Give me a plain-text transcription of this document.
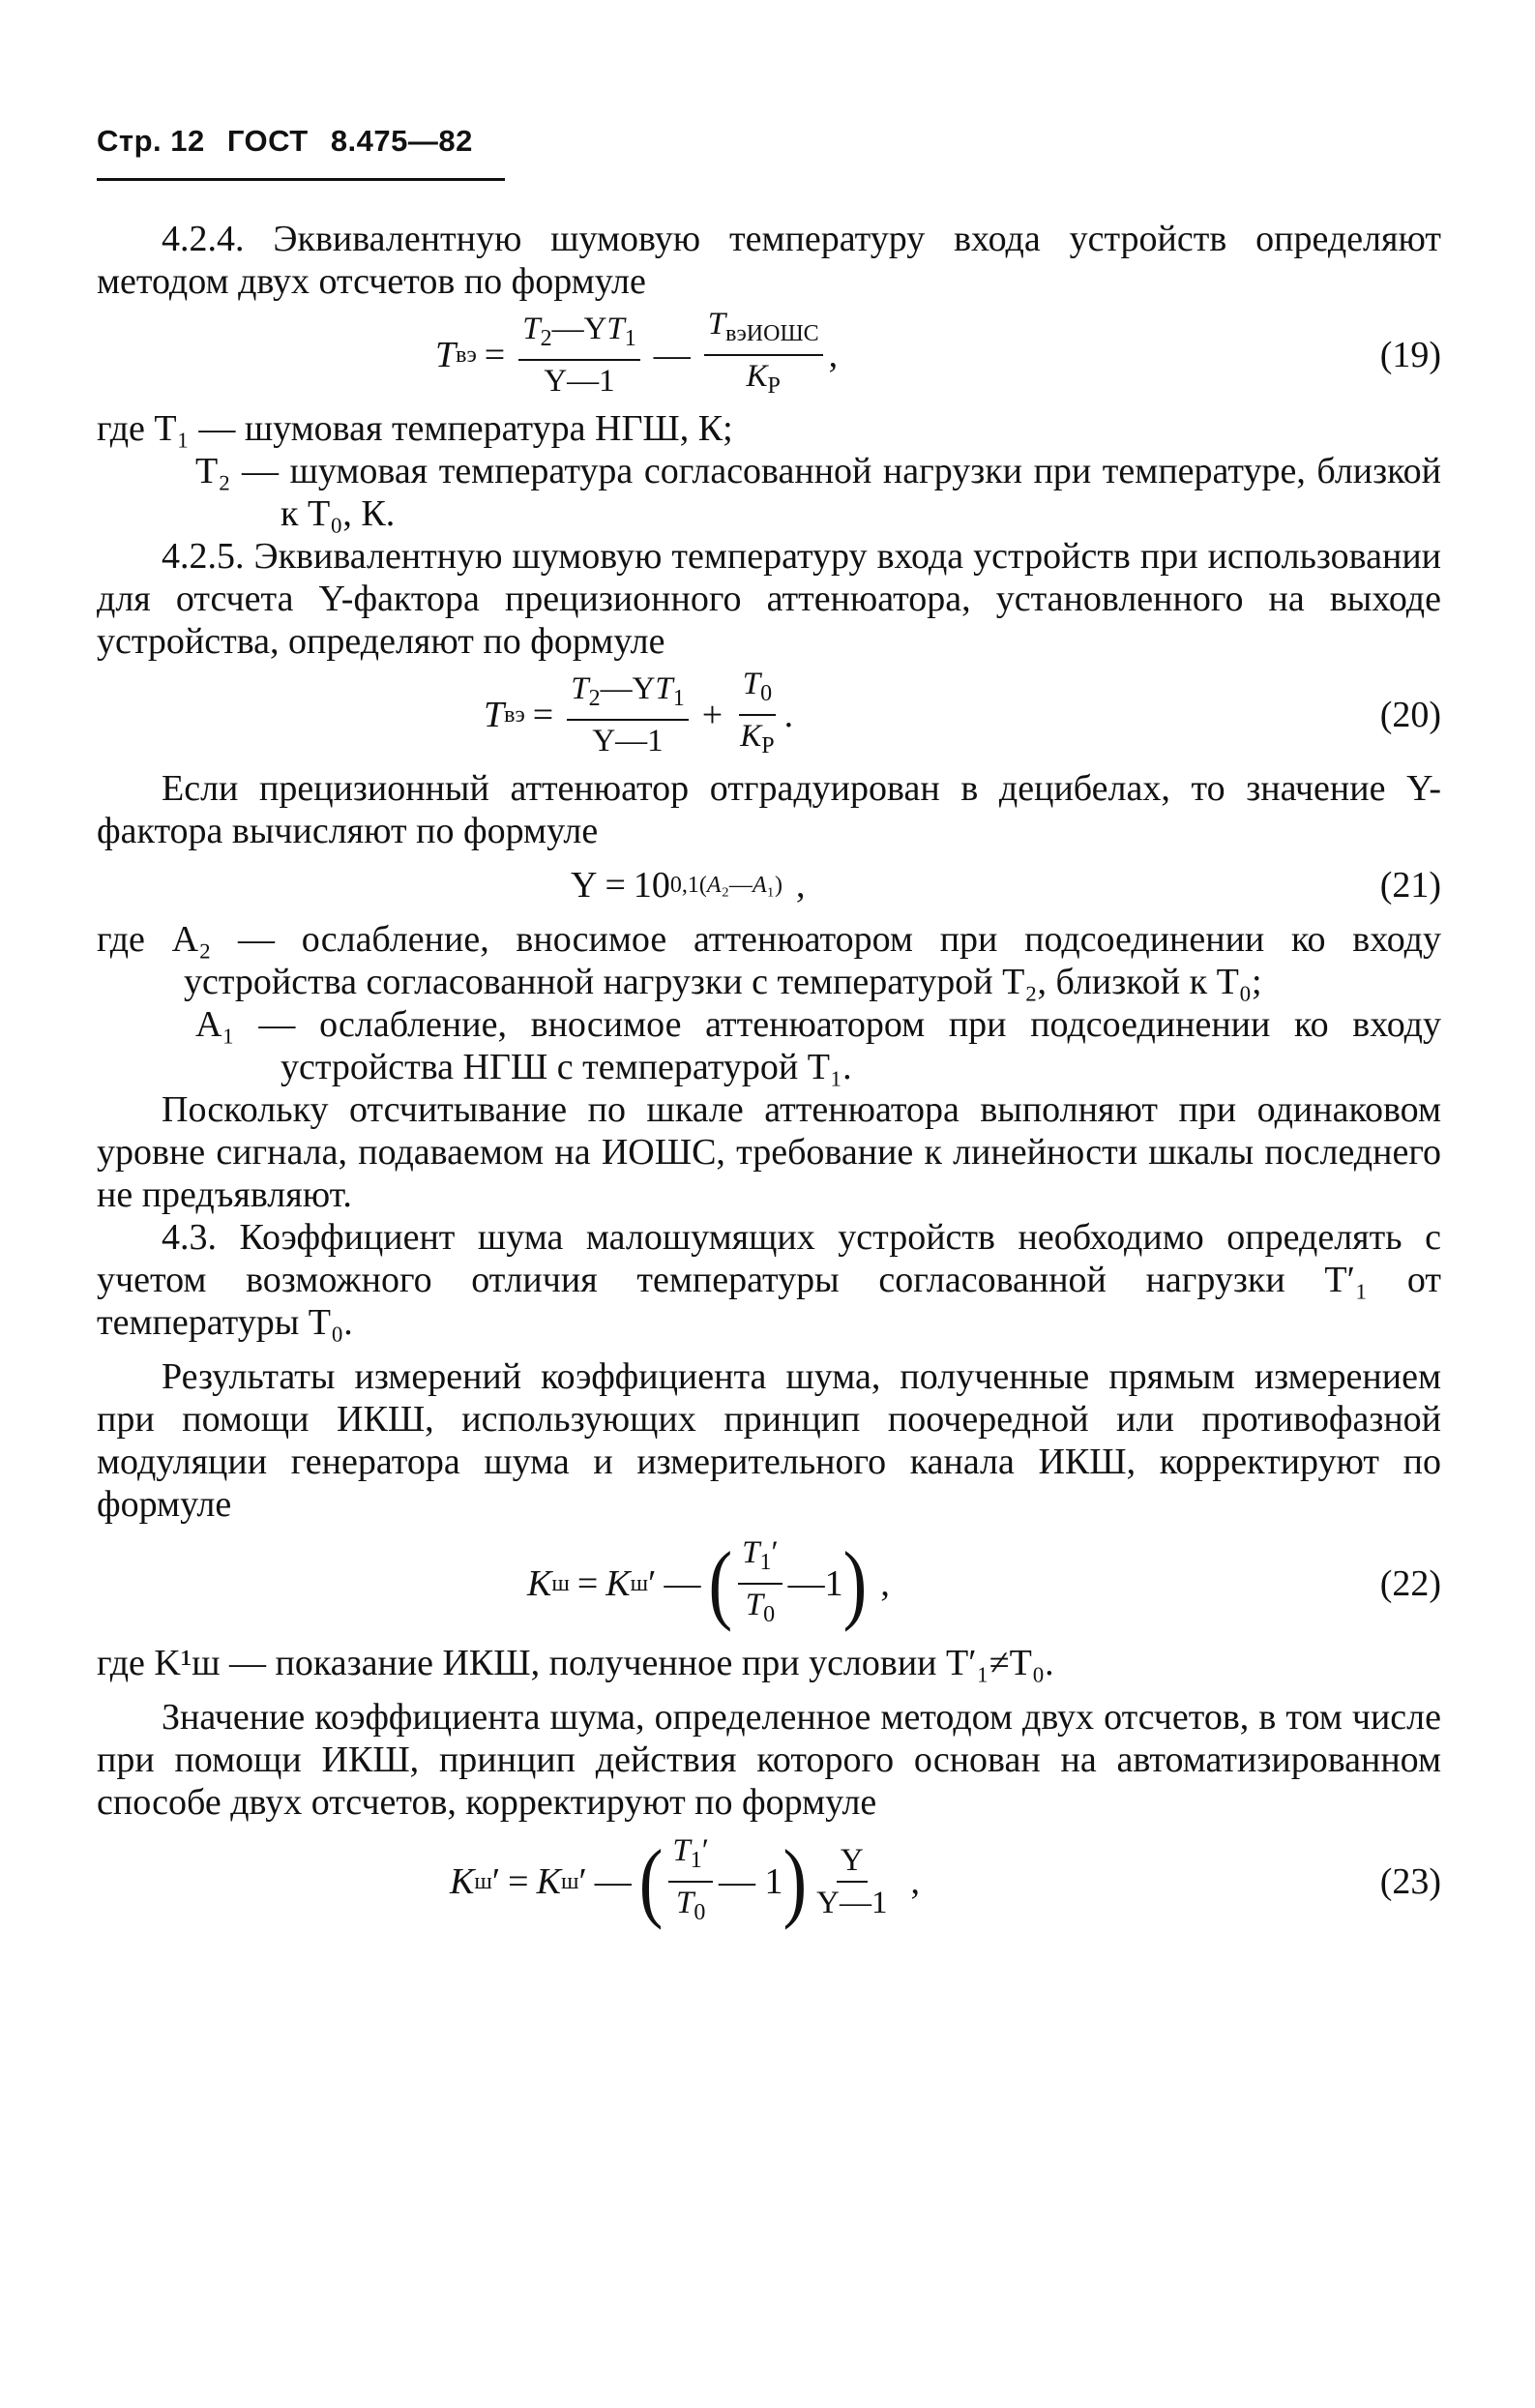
Стр. 12 ГОСТ 8.475—82

4.2.4. Эквивалентную шумовую температуру входа устройств определяют методом двух отсчетов по формуле

T вэ = $\frac{T_2—YT_1}{Y—1}$ — $\frac{T_{вэИОШС}}{K_P}$ ,	(19)

где T₁ — шумовая температура НГШ, К;

T₂ — шумовая температура согласованной нагрузки при температуре, близкой к T₀, К.

4.2.5. Эквивалентную шумовую температуру входа устройств при использовании для отсчета Y-фактора прецизионного аттенюатора, установленного на выходе устройства, определяют по формуле

T вэ = $\frac{T_2—YT_1}{Y—1} + \frac{T_0}{K_P}$ .	(20)

Если прецизионный аттенюатор отградуирован в децибелах, то значение Y-фактора вычисляют по формуле

Y = 10 0,1(A₂—A₁) ,	(21)

где A₂ — ослабление, вносимое аттенюатором при подсоединении ко входу устройства согласованной нагрузки с температурой T₂, близкой к T₀;

A₁ — ослабление, вносимое аттенюатором при подсоединении ко входу устройства НГШ с температурой T₁.

Поскольку отсчитывание по шкале аттенюатора выполняют при одинаковом уровне сигнала, подаваемом на ИОШС, требование к линейности шкалы последнего не предъявляют.

4.3. Коэффициент шума малошумящих устройств необходимо определять с учетом возможного отличия температуры согласованной нагрузки T′₁ от температуры T₀.

Результаты измерений коэффициента шума, полученные прямым измерением при помощи ИКШ, использующих принцип поочередной или противофазной модуляции генератора шума и измерительного канала ИКШ, корректируют по формуле

K ш = K ш ′ — ( $\frac{T_1'}{T_0}$ —1 ) ,	(22)

где K¹ш — показание ИКШ, полученное при условии T′₁≠T₀.

Значение коэффициента шума, определенное методом двух отсчетов, в том числе при помощи ИКШ, принцип действия которого основан на автоматизированном способе двух отсчетов, корректируют по формуле

K ш ′ = K ш ′ — ( $\frac{T_1'}{T_0}$ — 1 ) $\frac{Y}{Y—1}$ ,	(23)
